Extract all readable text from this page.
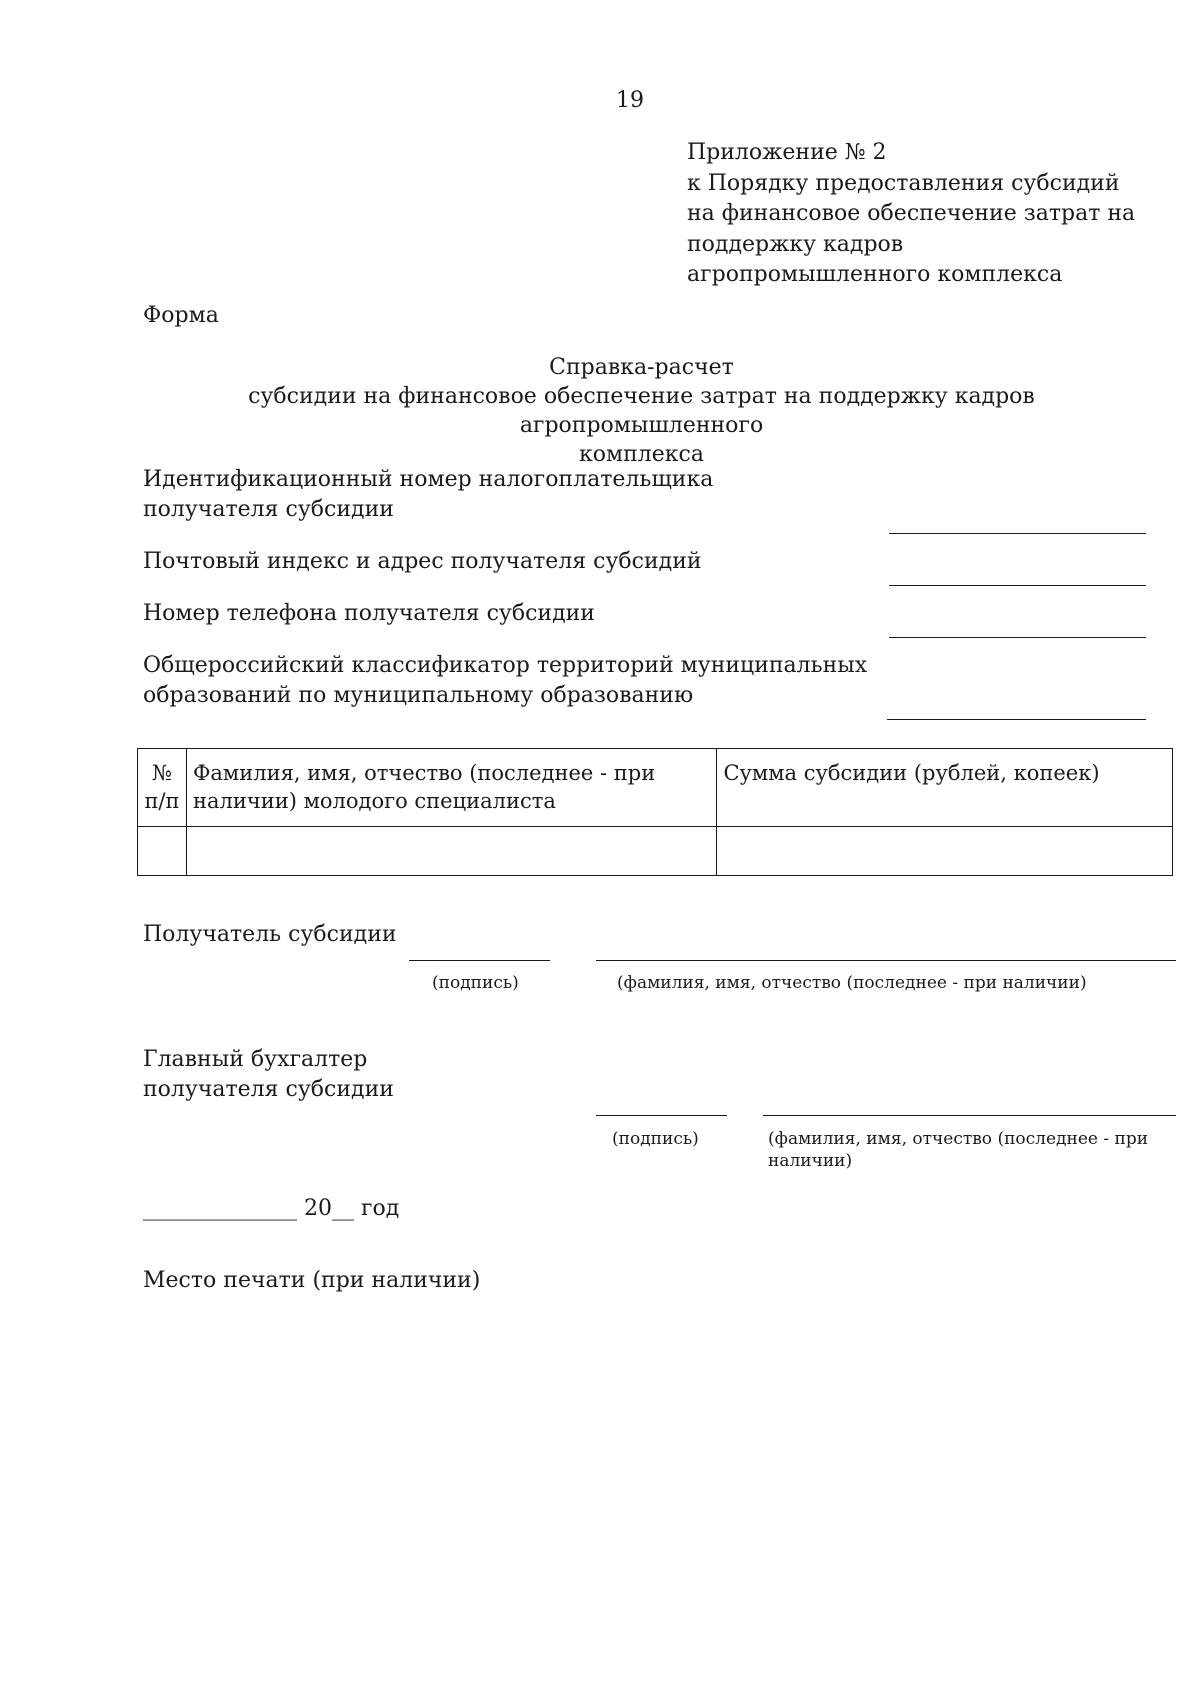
19
Приложение № 2
к Порядку предоставления субсидий
на финансовое обеспечение затрат на
поддержку кадров
агропромышленного комплекса
Форма
Справка-расчет
субсидии на финансовое обеспечение затрат на поддержку кадров агропромышленного
комплекса
Идентификационный номер налогоплательщика
получателя субсидии
Почтовый индекс и адрес получателя субсидий
Номер телефона получателя субсидии
Общероссийский классификатор территорий муниципальных
образований по муниципальному образованию
№ п/п	Фамилия, имя, отчество (последнее - при наличии) молодого специалиста	Сумма субсидии (рублей, копеек)

Получатель субсидии
(подпись)	(фамилия, имя, отчество (последнее - при наличии)
Главный бухгалтер
получателя субсидии
(подпись)	(фамилия, имя, отчество (последнее - при
наличии)
______________ 20__ год
Место печати (при наличии)
